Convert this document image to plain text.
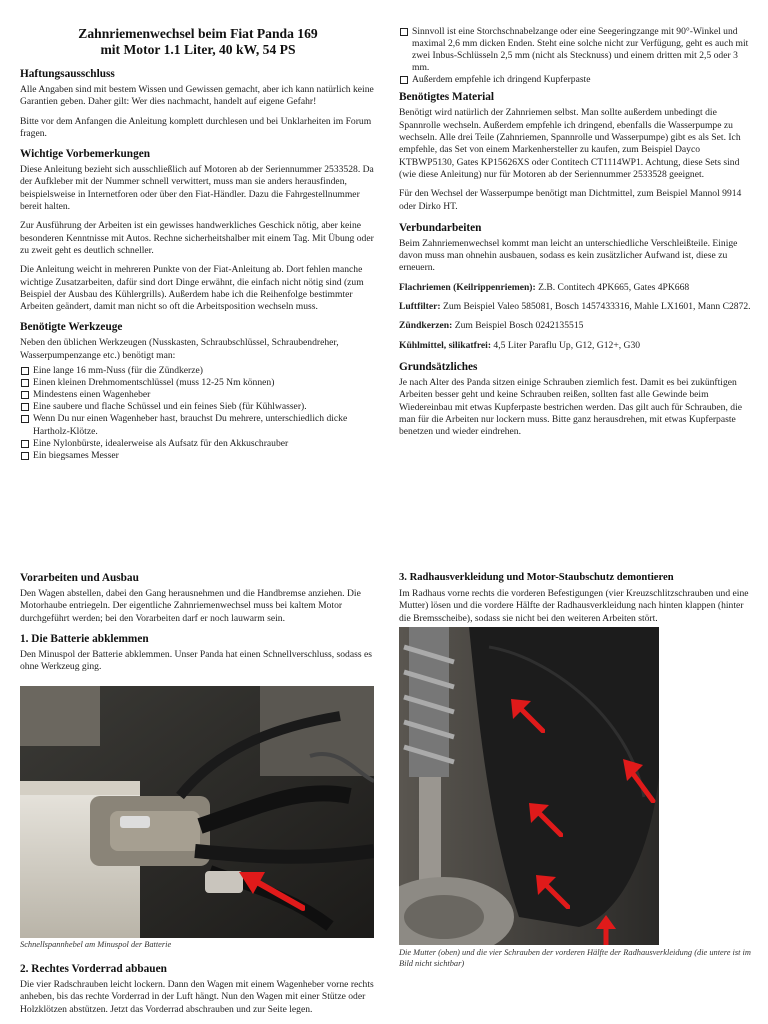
Zahnriemenwechsel beim Fiat Panda 169
mit Motor 1.1 Liter, 40 kW, 54 PS
Haftungsausschluss

Alle Angaben sind mit bestem Wissen und Gewissen gemacht, aber ich kann natürlich keine Garantien geben. Daher gilt: Wer dies nachmacht, handelt auf eigene Gefahr!

Bitte vor dem Anfangen die Anleitung komplett durchlesen und bei Unklarheiten im Forum fragen.

Wichtige Vorbemerkungen

Diese Anleitung bezieht sich ausschließlich auf Motoren ab der Seriennummer 2533528. Da der Aufkleber mit der Nummer schnell verwittert, muss man sie anders herausfinden, beispielsweise in Internetforen oder über den Fiat-Händler. Dazu die Fahrgestellnummer bereit halten.

Zur Ausführung der Arbeiten ist ein gewisses handwerkliches Geschick nötig, aber keine besonderen Kenntnisse mit Autos. Rechne sicherheitshalber mit einem Tag. Mit Übung oder zu zweit geht es deutlich schneller.

Die Anleitung weicht in mehreren Punkte von der Fiat-Anleitung ab. Dort fehlen manche wichtige Zusatzarbeiten, dafür sind dort Dinge erwähnt, die einfach nicht nötig sind (zum Beispiel der Ausbau des Kühlergrills). Außerdem habe ich die Reihenfolge bestimmter Arbeiten geändert, damit man nicht so oft die Arbeitsposition wechseln muss.

Benötigte Werkzeuge

Neben den üblichen Werkzeugen (Nusskasten, Schraubschlüssel, Schraubendreher, Wasserpumpenzange etc.) benötigt man:

Eine lange 16 mm-Nuss (für die Zündkerze)
Einen kleinen Drehmomentschlüssel (muss 12-25 Nm können)
Mindestens einen Wagenheber
Eine saubere und flache Schüssel und ein feines Sieb (für Kühlwasser).
Wenn Du nur einen Wagenheber hast, brauchst Du mehrere, unterschiedlich dicke Hartholz-Klötze.
Eine Nylonbürste, idealerweise als Aufsatz für den Akkuschrauber
Ein biegsames Messer
Sinnvoll ist eine Storchschnabelzange oder eine Seegeringzange mit 90°-Winkel und maximal 2,6 mm dicken Enden. Steht eine solche nicht zur Verfügung, geht es auch mit zwei Inbus-Schlüsseln 2,5 mm (nicht als Stecknuss) und einem dritten mit 2,5 oder 3 mm.
Außerdem empfehle ich dringend Kupferpaste
Benötigtes Material

Benötigt wird natürlich der Zahnriemen selbst. Man sollte außerdem unbedingt die Spannrolle wechseln. Außerdem empfehle ich dringend, ebenfalls die Wasserpumpe zu wechseln. Alle drei Teile (Zahnriemen, Spannrolle und Wasserpumpe) gibt es als Set. Ich empfehle, das Set von einem Markenhersteller zu kaufen, zum Beispiel Dayco KTBWP5130, Gates KP15626XS oder Contitech CT1114WP1. Achtung, diese Sets sind (wie diese Anleitung) nur für Motoren ab der Seriennummer 2533528 geeignet.

Für den Wechsel der Wasserpumpe benötigt man Dichtmittel, zum Beispiel Mannol 9914 oder Dirko HT.

Verbundarbeiten

Beim Zahnriemenwechsel kommt man leicht an unterschiedliche Verschleißteile. Einige davon muss man ohnehin ausbauen, sodass es kein zusätzlicher Aufwand ist, diese zu erneuern.

Flachriemen (Keilrippenriemen): Z.B. Contitech 4PK665, Gates 4PK668

Luftfilter: Zum Beispiel Valeo 585081, Bosch 1457433316, Mahle LX1601, Mann C2872.

Zündkerzen: Zum Beispiel Bosch 0242135515

Kühlmittel, silikatfrei: 4,5 Liter Paraflu Up, G12, G12+, G30

Grundsätzliches

Je nach Alter des Panda sitzen einige Schrauben ziemlich fest. Damit es bei zukünftigen Arbeiten besser geht und keine Schrauben reißen, sollten fast alle Gewinde beim Wiedereinbau mit etwas Kupferpaste bestrichen werden. Das gilt auch für Schrauben, die man für die Arbeiten nur lockern muss. Bitte ganz herausdrehen, mit etwas Kupferpaste benetzen und wieder eindrehen.

Vorarbeiten und Ausbau

Den Wagen abstellen, dabei den Gang herausnehmen und die Handbremse anziehen. Die Motorhaube entriegeln. Der eigentliche Zahnriemenwechsel muss bei kaltem Motor durchgeführt werden; bei den Vorarbeiten darf er noch lauwarm sein.

1. Die Batterie abklemmen

Den Minuspol der Batterie abklemmen. Unser Panda hat einen Schnellverschluss, sodass es ohne Werkzeug ging.

Schnellspannhebel am Minuspol der Batterie
2. Rechtes Vorderrad abbauen

Die vier Radschrauben leicht lockern. Dann den Wagen mit einem Wagenheber vorne rechts anheben, bis das rechte Vorderrad in der Luft hängt. Nun den Wagen mit einer Stütze oder Holzklötzen abstützen. Jetzt das Vorderrad abschrauben und zur Seite legen.

3. Radhausverkleidung und Motor-Staubschutz demontieren

Im Radhaus vorne rechts die vorderen Befestigungen (vier Kreuzschlitzschrauben und eine Mutter) lösen und die vordere Hälfte der Radhausverkleidung nach hinten klappen (hinter die Bremsscheibe), sodass sie nicht bei den weiteren Arbeiten stört.

Die Mutter (oben) und die vier Schrauben der vorderen Hälfte der Radhausverkleidung (die untere ist im Bild nicht sichtbar)
